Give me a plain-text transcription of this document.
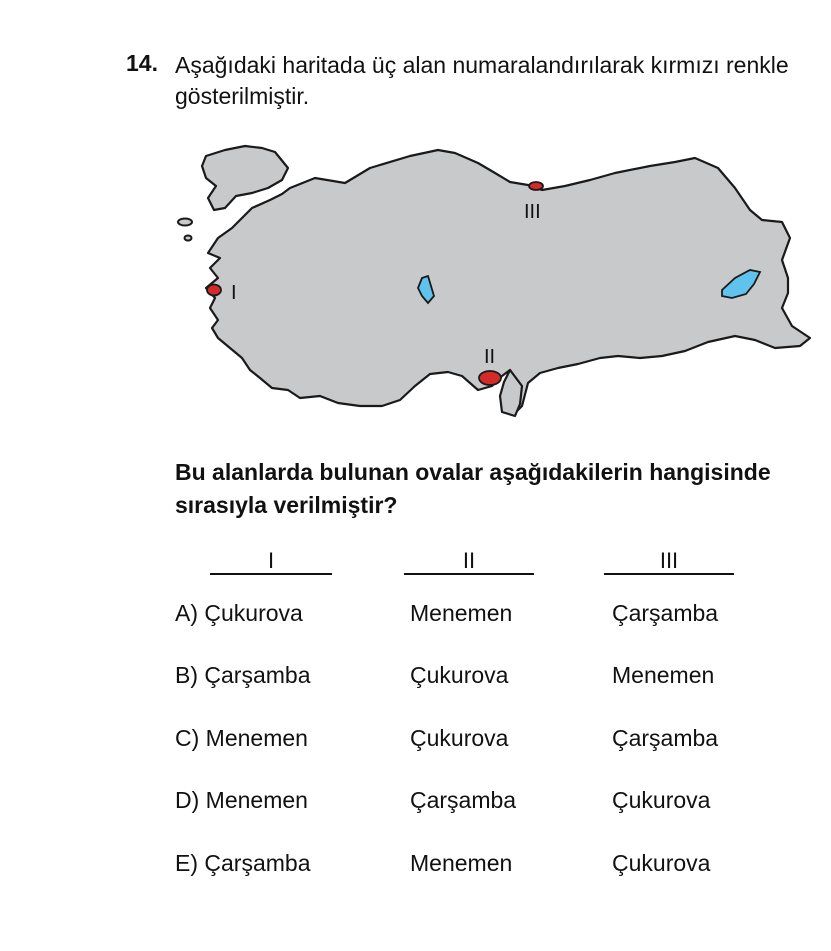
14. Aşağıdaki haritada üç alan numaralandırılarak kırmızı renkle gösterilmiştir.
I
II
III
Bu alanlarda bulunan ovalar aşağıdakilerin hangisinde sırasıyla verilmiştir?
I	II	III
A) Çukurova	Menemen	Çarşamba
B) Çarşamba	Çukurova	Menemen
C) Menemen	Çukurova	Çarşamba
D) Menemen	Çarşamba	Çukurova
E) Çarşamba	Menemen	Çukurova
